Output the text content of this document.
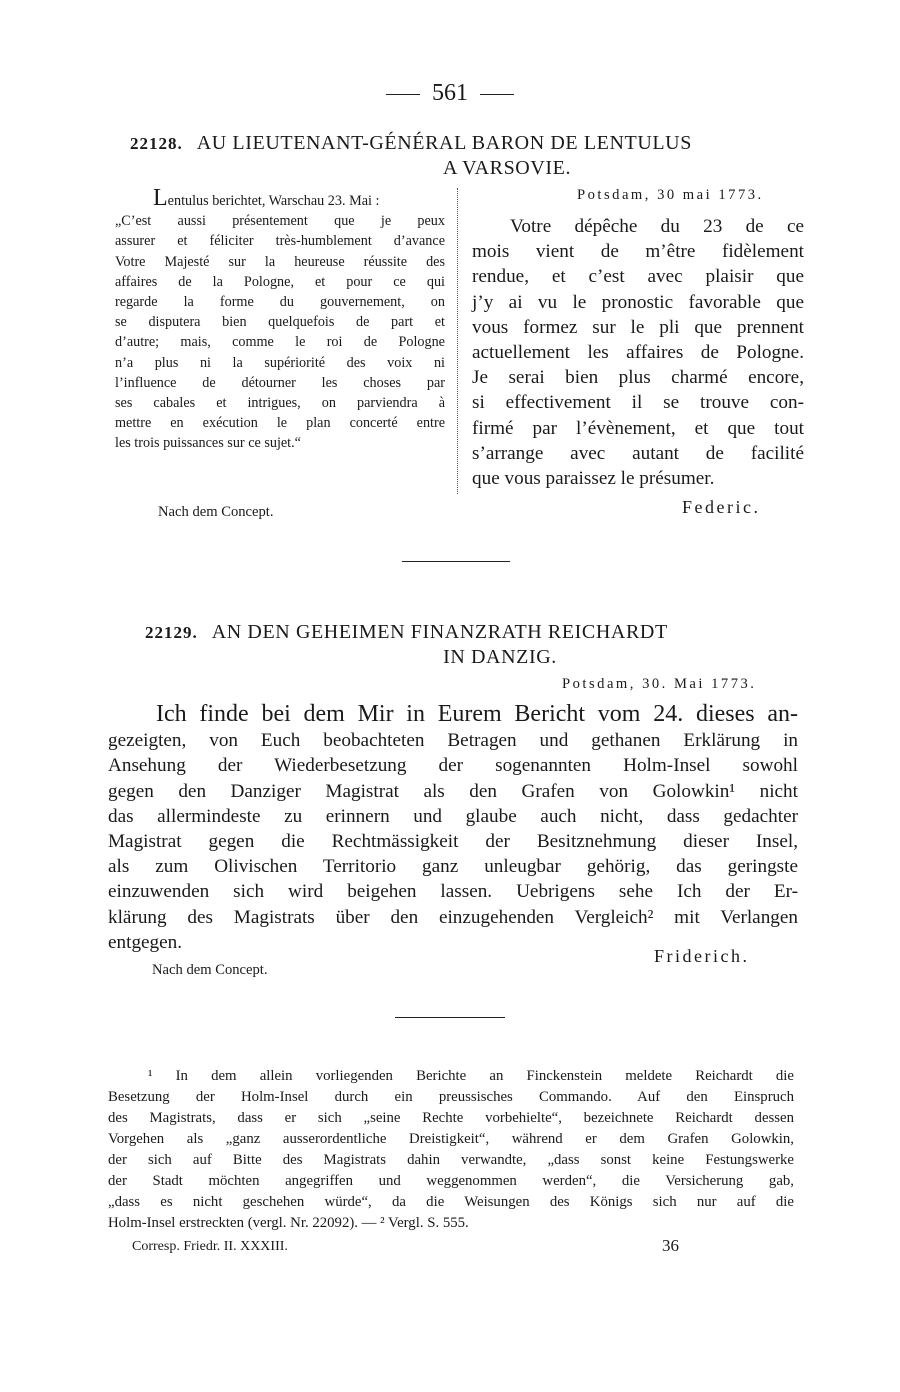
561
22128. AU LIEUTENANT-GÉNÉRAL BARON DE LENTULUS
A VARSOVIE.
Lentulus berichtet, Warschau 23. Mai :
„C’est aussi présentement que je peux
assurer et féliciter très-humblement d’avance
Votre Majesté sur la heureuse réussite des
affaires de la Pologne, et pour ce qui
regarde la forme du gouvernement, on
se disputera bien quelquefois de part et
d’autre; mais, comme le roi de Pologne
n’a plus ni la supériorité des voix ni
l’influence de détourner les choses par
ses cabales et intrigues, on parviendra à
mettre en exécution le plan concerté entre
les trois puissances sur ce sujet.“
Nach dem Concept.
Potsdam, 30 mai 1773.
Votre dépêche du 23 de ce
mois vient de m’être fidèlement
rendue, et c’est avec plaisir que
j’y ai vu le pronostic favorable que
vous formez sur le pli que prennent
actuellement les affaires de Pologne.
Je serai bien plus charmé encore,
si effectivement il se trouve con-
firmé par l’évènement, et que tout
s’arrange avec autant de facilité
que vous paraissez le présumer.
Federic.
22129. AN DEN GEHEIMEN FINANZRATH REICHARDT
IN DANZIG.
Potsdam, 30. Mai 1773.
Ich finde bei dem Mir in Eurem Bericht vom 24. dieses an-
gezeigten, von Euch beobachteten Betragen und gethanen Erklärung in
Ansehung der Wiederbesetzung der sogenannten Holm-Insel sowohl
gegen den Danziger Magistrat als den Grafen von Golowkin¹ nicht
das allermindeste zu erinnern und glaube auch nicht, dass gedachter
Magistrat gegen die Rechtmässigkeit der Besitznehmung dieser Insel,
als zum Olivischen Territorio ganz unleugbar gehörig, das geringste
einzuwenden sich wird beigehen lassen. Uebrigens sehe Ich der Er-
klärung des Magistrats über den einzugehenden Vergleich² mit Verlangen
entgegen.
Friderich.
Nach dem Concept.
¹ In dem allein vorliegenden Berichte an Finckenstein meldete Reichardt die
Besetzung der Holm-Insel durch ein preussisches Commando. Auf den Einspruch
des Magistrats, dass er sich „seine Rechte vorbehielte“, bezeichnete Reichardt dessen
Vorgehen als „ganz ausserordentliche Dreistigkeit“, während er dem Grafen Golowkin,
der sich auf Bitte des Magistrats dahin verwandte, „dass sonst keine Festungswerke
der Stadt möchten angegriffen und weggenommen werden“, die Versicherung gab,
„dass es nicht geschehen würde“, da die Weisungen des Königs sich nur auf die
Holm-Insel erstreckten (vergl. Nr. 22092). — ² Vergl. S. 555.
Corresp. Friedr. II. XXXIII.	36
